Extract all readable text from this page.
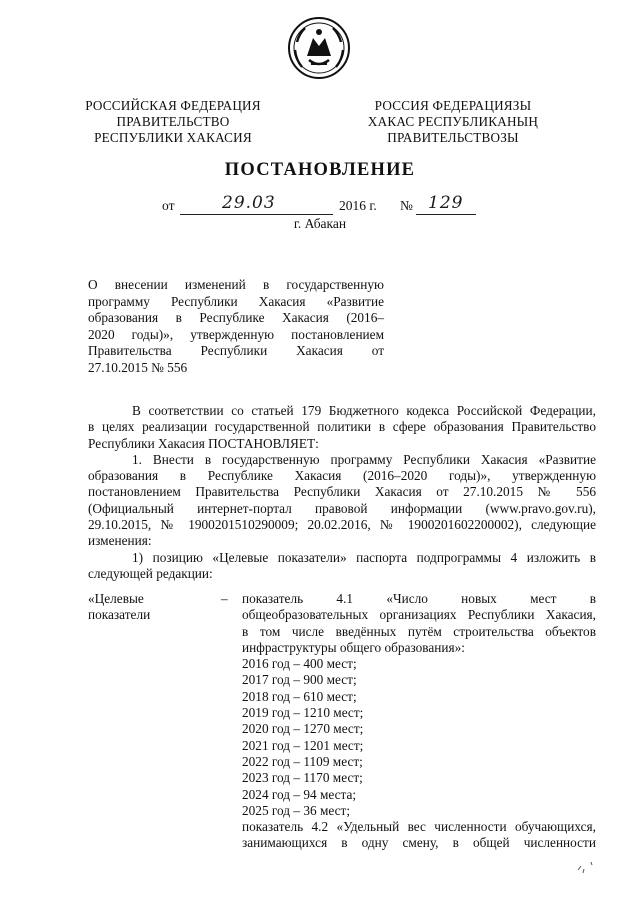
РОССИЙСКАЯ ФЕДЕРАЦИЯ
ПРАВИТЕЛЬСТВО
РЕСПУБЛИКИ ХАКАСИЯ
РОССИЯ ФЕДЕРАЦИЯЗЫ
ХАКАС РЕСПУБЛИКАНЫҢ
ПРАВИТЕЛЬСТВОЗЫ
ПОСТАНОВЛЕНИЕ
от	29.03	2016 г. № 129
г. Абакан
О внесении изменений в государственную
программу Республики Хакасия «Развитие
образования в Республике Хакасия (2016–
2020 годы)», утвержденную постановлением
Правительства Республики Хакасия от
27.10.2015 № 556
В соответствии со статьей 179 Бюджетного кодекса Российской Федерации,
в целях реализации государственной политики в сфере образования Правительство
Республики Хакасия ПОСТАНОВЛЯЕТ:
1. Внести в государственную программу Республики Хакасия «Развитие
образования в Республике Хакасия (2016–2020 годы)», утвержденную
постановлением Правительства Республики Хакасия от 27.10.2015 № 556
(Официальный интернет-портал правовой информации (www.pravo.gov.ru),
29.10.2015, № 1900201510290009; 20.02.2016, № 1900201602200002), следующие
изменения:
1) позицию «Целевые показатели» паспорта подпрограммы 4 изложить в
следующей редакции:
«Целевые
показатели
– показатель 4.1 «Число новых мест в
общеобразовательных организациях Республики Хакасия,
в том числе введённых путём строительства объектов
инфраструктуры общего образования»:
2016 год – 400 мест;
2017 год – 900 мест;
2018 год – 610 мест;
2019 год – 1210 мест;
2020 год – 1270 мест;
2021 год – 1201 мест;
2022 год – 1109 мест;
2023 год – 1170 мест;
2024 год – 94 места;
2025 год – 36 мест;
показатель 4.2 «Удельный вес численности обучающихся,
занимающихся в одну смену, в общей численности
